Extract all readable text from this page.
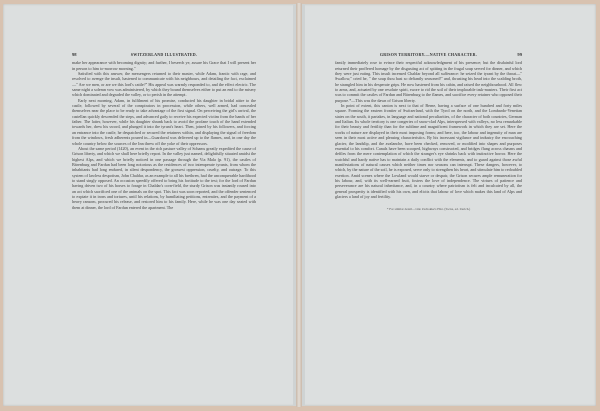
98	SWITZERLAND ILLUSTRATED.

make her appearance with becoming dignity; and further, I beseech ye, assure his Grace that I will present her in person to him to-morrow morning."

Satisfied with this answer, the messengers returned to their master, while Adam, frantic with rage, and resolved to avenge the insult, hastened to communicate with his neighbours, and detailing the fact, exclaimed—" Are we men, or are we this lord's cattle?" His appeal was warmly responded to, and the effect electric. The same night a solemn vow was administered, by which they bound themselves either to put an end to the misery which dominated and degraded the valley, or to perish in the attempt.

Early next morning, Adam, in fulfilment of his promise, conducted his daughter in bridal attire to the castle, followed by several of the conspirators in procession, while others, well armed, had concealed themselves near the place to be ready to take advantage of the first signal. On perceiving the girl's arrival, the castellan quickly descended the steps, and advanced gaily to receive his expected victim from the hands of her father. The latter, however, while his daughter shrank back to avoid the profane touch of the hand extended towards her, drew his sword, and plunged it into the tyrant's heart. Then, joined by his followers, and forcing an entrance into the castle, he despatched or secured the retainers within, and displaying the signal of freedom from the windows, fresh adherents poured in—Guardaval was delivered up to the flames, and, in one day the whole country below the sources of the Inn threw off the yoke of their oppressors.

About the same period (1420), an event in the rich pasture valley of Schams greatly expedited the cause of Grison liberty, and which we shall here briefly report. In the valley just named, delightfully situated amidst the highest Alps, and which we briefly noticed in one passage through the Via Mala (p. 91), the castles of Bärenburg and Fardun had been long notorious as the residences of two intemperate tyrants, from whom the inhabitants had long endured, in silent despondency, the grossest oppression, cruelty, and outrage. To this system of lawless despotism, John Chaldar, as an example to all his brethren, had the unconquerable hardihood to stand singly opposed. An occasion speedily offered to bring his fortitude to the test; for the lord of Fardun having driven two of his horses to forage in Chaldar's corn-field, the sturdy Grison was instantly roused into an act which sacrificed one of the animals on the spot. This fact was soon reported, and the offender sentenced to expiate it in irons and tortures, until his relations, by humiliating petitions, entreaties, and the payment of a heavy ransom, procured his release, and restored him to his family. Here, while he was one day seated with them at dinner, the lord of Fardun entered the apartment. The

GRISON TERRITORY.—NATIVE CHARACTER.	99

family immediately rose to evince their respectful acknowledgment of his presence; but the disdainful lord returned their proffered homage by the disgusting act of spitting in the frugal soup served for dinner, and which they were just eating. This insult incensed Chaldar beyond all sufferance: he seized the tyrant by the throat—" Swallow," cried he, " the soup thou hast so defiantly seasoned!" and, thrusting his head into the scalding broth, he strangled him in his desperate grips. He now hastened from his cabin, and raised the neighbourhood. All flew to arms, and, actuated by one resolute spirit, swore to rid the soil of their implacable task-masters. Their first act was to commit the castles of Fardun and Bärenburg to the flames, and sacrifice every retainer who opposed their purpose.*—This was the dawn of Grison liberty.

In point of extent, this canton is next to that of Berne, having a surface of one hundred and forty miles square. Forming the eastern frontier of Switzerland, with the Tyrol on the north, and the Lombardo-Venetian states on the south, it partakes, in language and national peculiarities, of the character of both countries, German and Italian. Its whole territory is one congeries of snow-clad Alps, interspersed with valleys, no less remarkable for their beauty and fertility than for the sublime and magnificent framework in which they are set. Here the works of nature are displayed in their most imposing forms; and here, too, the labour and ingenuity of man are seen in their most active and pleasing characteristics. By his incessant vigilance and industry the encroaching glacier, the landslip, and the avalanche, have been checked, removed, or modified into shapes and purposes essential to his comfort. Canals have been scooped, highways constructed, and bridges flung across chasms and defiles from the mere contemplation of which the stranger's eye shrinks back with instinctive horror. Here the watchful and hardy native has to maintain a daily conflict with the elements, and to guard against those awful manifestations of natural causes which neither times nor seasons can interrupt. These dangers, however, to which, by the nature of the soil, he is exposed, serve only to strengthen his heart, and stimulate him to redoubled exertion. Amid scenes where the Lowland would starve or despair, the Grison secures ample remuneration for his labour, and, with its well-earned fruit, fosters the love of independence. The virtues of patience and perseverance are his natural inheritance, and, in a country where patriotism is felt and inculcated by all, the general prosperity is identified with his own, and elicits that labour of love which makes this land of Alps and glaciers a land of joy and fertility.

* For similar detail—vide Zschokke's Hist. (Swiss, ed. Zurich.)
